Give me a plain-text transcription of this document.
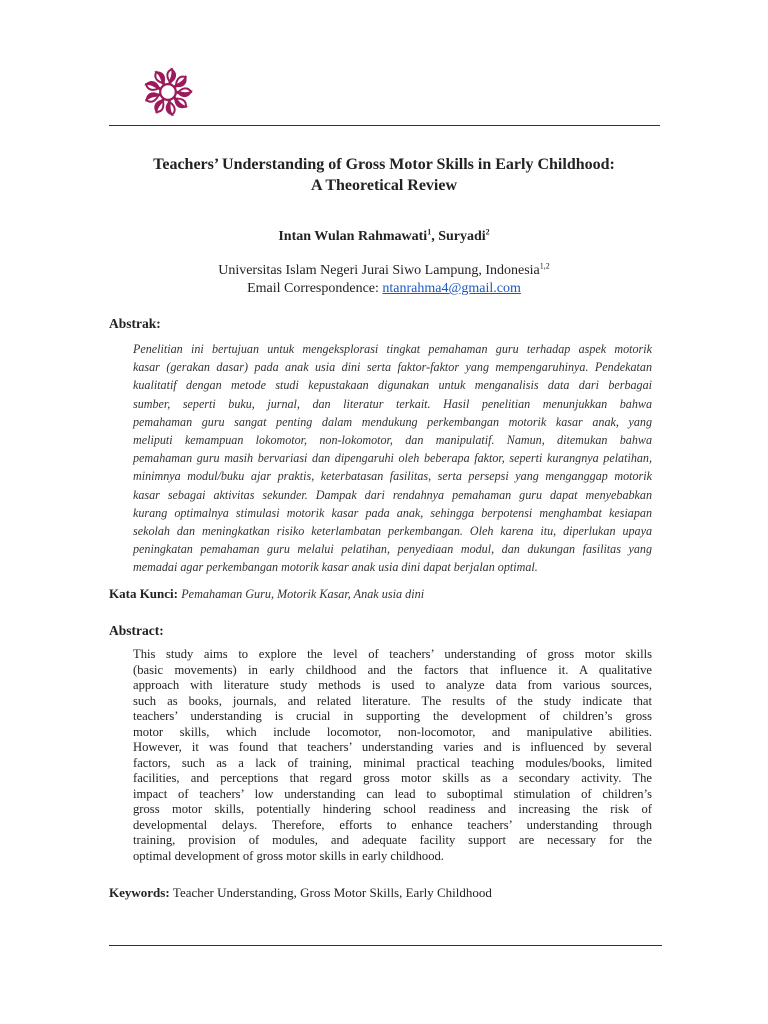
Teachers’ Understanding of Gross Motor Skills in Early Childhood:
A Theoretical Review
Intan Wulan Rahmawati$^1$, Suryadi$^2$
Universitas Islam Negeri Jurai Siwo Lampung, Indonesia$^{1,2}$
Email Correspondence: ntanrahma4@gmail.com
Abstrak:
Penelitian ini bertujuan untuk mengeksplorasi tingkat pemahaman guru terhadap aspek motorik
kasar (gerakan dasar) pada anak usia dini serta faktor-faktor yang mempengaruhinya. Pendekatan
kualitatif dengan metode studi kepustakaan digunakan untuk menganalisis data dari berbagai
sumber, seperti buku, jurnal, dan literatur terkait. Hasil penelitian menunjukkan bahwa
pemahaman guru sangat penting dalam mendukung perkembangan motorik kasar anak, yang
meliputi kemampuan lokomotor, non-lokomotor, dan manipulatif. Namun, ditemukan bahwa
pemahaman guru masih bervariasi dan dipengaruhi oleh beberapa faktor, seperti kurangnya pelatihan,
minimnya modul/buku ajar praktis, keterbatasan fasilitas, serta persepsi yang menganggap motorik
kasar sebagai aktivitas sekunder. Dampak dari rendahnya pemahaman guru dapat menyebabkan
kurang optimalnya stimulasi motorik kasar pada anak, sehingga berpotensi menghambat kesiapan
sekolah dan meningkatkan risiko keterlambatan perkembangan. Oleh karena itu, diperlukan upaya
peningkatan pemahaman guru melalui pelatihan, penyediaan modul, dan dukungan fasilitas yang
memadai agar perkembangan motorik kasar anak usia dini dapat berjalan optimal.
Kata Kunci: Pemahaman Guru, Motorik Kasar, Anak usia dini
Abstract:
This study aims to explore the level of teachers’ understanding of gross motor skills
(basic movements) in early childhood and the factors that influence it. A qualitative
approach with literature study methods is used to analyze data from various sources,
such as books, journals, and related literature. The results of the study indicate that
teachers’ understanding is crucial in supporting the development of children’s gross
motor skills, which include locomotor, non-locomotor, and manipulative abilities.
However, it was found that teachers’ understanding varies and is influenced by several
factors, such as a lack of training, minimal practical teaching modules/books, limited
facilities, and perceptions that regard gross motor skills as a secondary activity. The
impact of teachers’ low understanding can lead to suboptimal stimulation of children’s
gross motor skills, potentially hindering school readiness and increasing the risk of
developmental delays. Therefore, efforts to enhance teachers’ understanding through
training, provision of modules, and adequate facility support are necessary for the
optimal development of gross motor skills in early childhood.
Keywords: Teacher Understanding, Gross Motor Skills, Early Childhood
